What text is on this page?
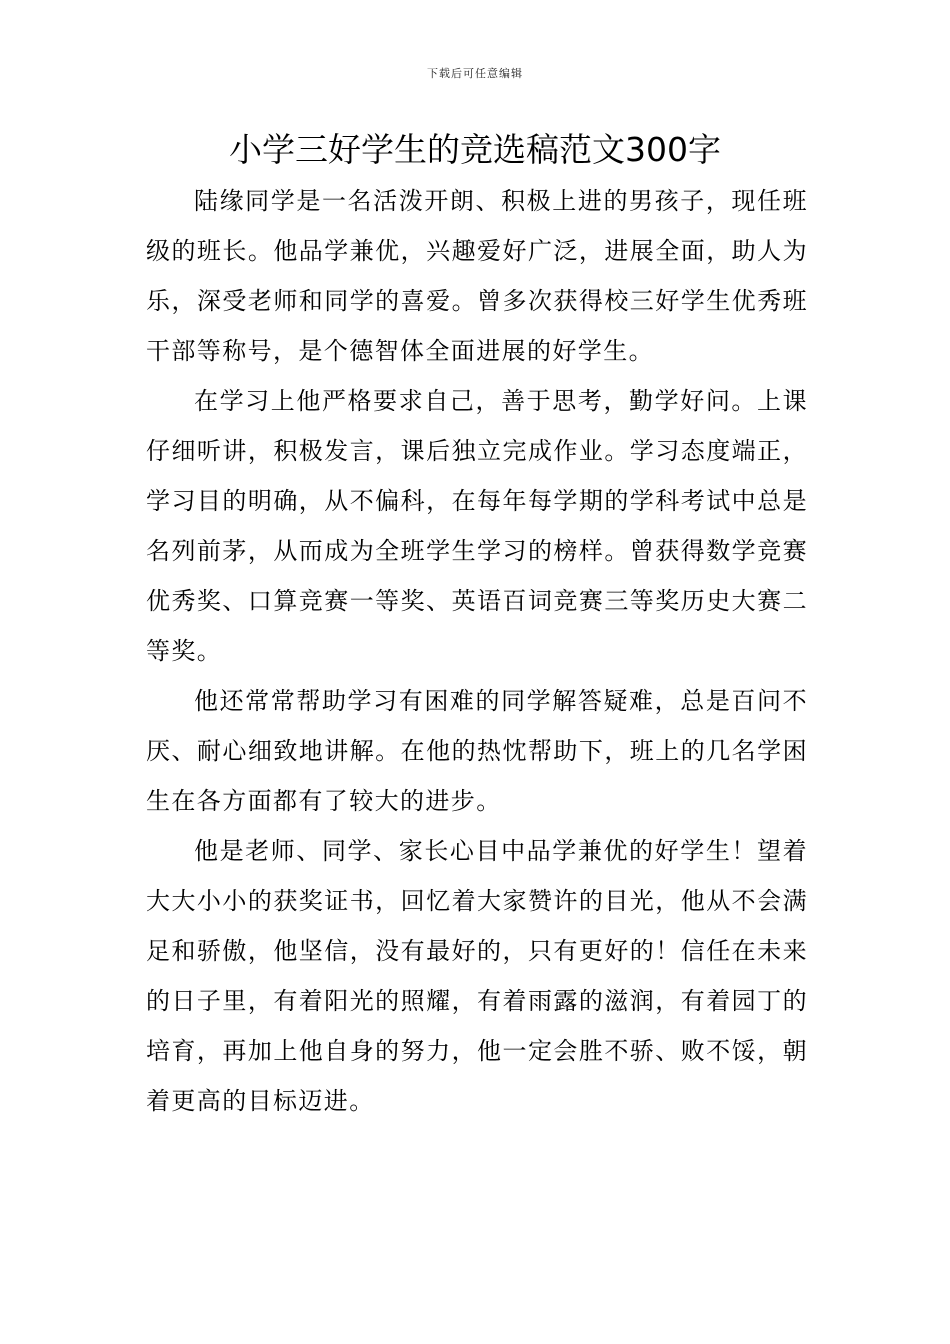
下载后可任意编辑
小学三好学生的竞选稿范文300字

陆缘同学是一名活泼开朗、积极上进的男孩子，现任班级的班长。他品学兼优，兴趣爱好广泛，进展全面，助人为乐，深受老师和同学的喜爱。曾多次获得校三好学生优秀班干部等称号，是个德智体全面进展的好学生。

在学习上他严格要求自己，善于思考，勤学好问。上课仔细听讲，积极发言，课后独立完成作业。学习态度端正，学习目的明确，从不偏科，在每年每学期的学科考试中总是名列前茅，从而成为全班学生学习的榜样。曾获得数学竞赛优秀奖、口算竞赛一等奖、英语百词竞赛三等奖历史大赛二等奖。

他还常常帮助学习有困难的同学解答疑难，总是百问不厌、耐心细致地讲解。在他的热忱帮助下，班上的几名学困生在各方面都有了较大的进步。

他是老师、同学、家长心目中品学兼优的好学生！望着大大小小的获奖证书，回忆着大家赞许的目光，他从不会满足和骄傲，他坚信，没有最好的，只有更好的！信任在未来的日子里，有着阳光的照耀，有着雨露的滋润，有着园丁的培育，再加上他自身的努力，他一定会胜不骄、败不馁，朝着更高的目标迈进。
